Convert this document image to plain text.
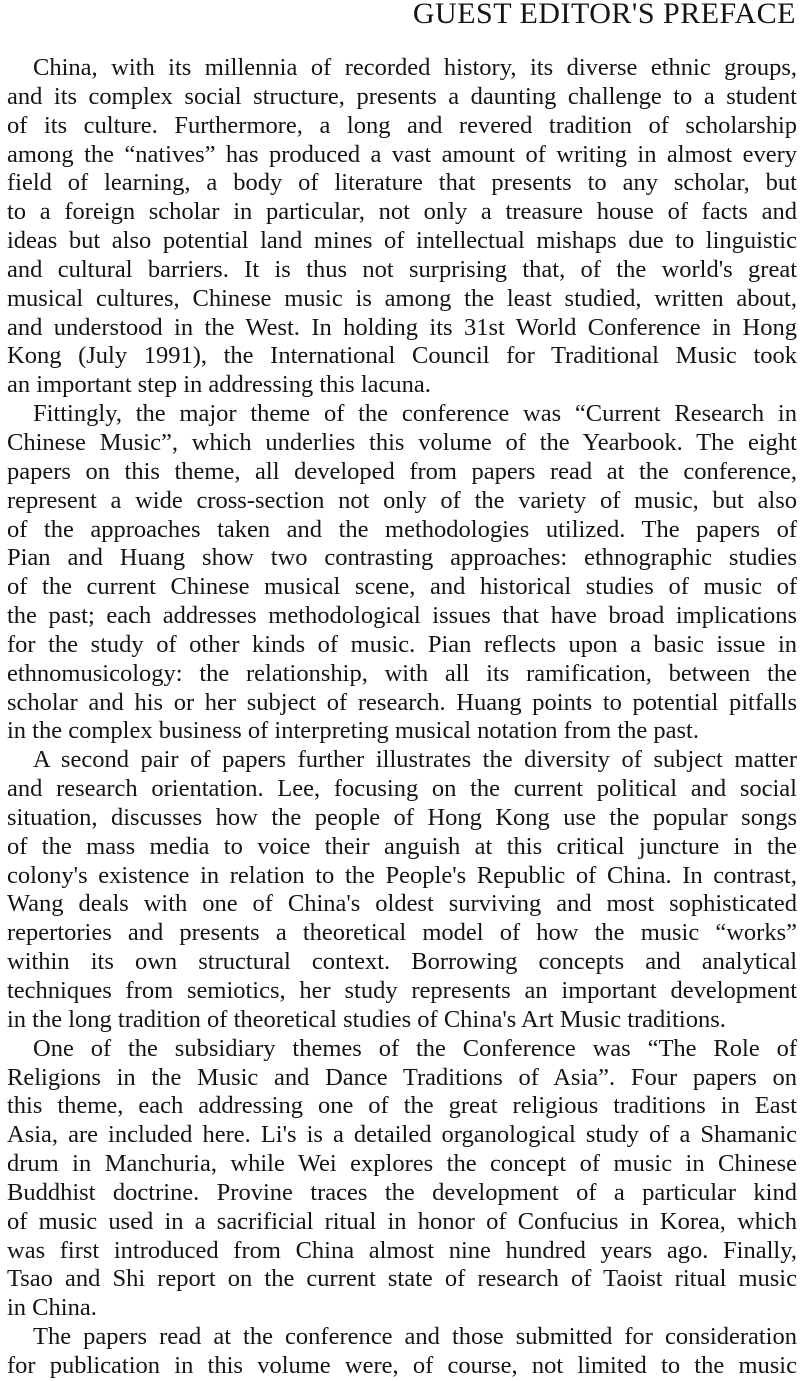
GUEST EDITOR'S PREFACE
China, with its millennia of recorded history, its diverse ethnic groups,
and its complex social structure, presents a daunting challenge to a student
of its culture. Furthermore, a long and revered tradition of scholarship
among the “natives” has produced a vast amount of writing in almost every
field of learning, a body of literature that presents to any scholar, but
to a foreign scholar in particular, not only a treasure house of facts and
ideas but also potential land mines of intellectual mishaps due to linguistic
and cultural barriers. It is thus not surprising that, of the world's great
musical cultures, Chinese music is among the least studied, written about,
and understood in the West. In holding its 31st World Conference in Hong
Kong (July 1991), the International Council for Traditional Music took
an important step in addressing this lacuna.
Fittingly, the major theme of the conference was “Current Research in
Chinese Music”, which underlies this volume of the Yearbook. The eight
papers on this theme, all developed from papers read at the conference,
represent a wide cross-section not only of the variety of music, but also
of the approaches taken and the methodologies utilized. The papers of
Pian and Huang show two contrasting approaches: ethnographic studies
of the current Chinese musical scene, and historical studies of music of
the past; each addresses methodological issues that have broad implications
for the study of other kinds of music. Pian reflects upon a basic issue in
ethnomusicology: the relationship, with all its ramification, between the
scholar and his or her subject of research. Huang points to potential pitfalls
in the complex business of interpreting musical notation from the past.
A second pair of papers further illustrates the diversity of subject matter
and research orientation. Lee, focusing on the current political and social
situation, discusses how the people of Hong Kong use the popular songs
of the mass media to voice their anguish at this critical juncture in the
colony's existence in relation to the People's Republic of China. In contrast,
Wang deals with one of China's oldest surviving and most sophisticated
repertories and presents a theoretical model of how the music “works”
within its own structural context. Borrowing concepts and analytical
techniques from semiotics, her study represents an important development
in the long tradition of theoretical studies of China's Art Music traditions.
One of the subsidiary themes of the Conference was “The Role of
Religions in the Music and Dance Traditions of Asia”. Four papers on
this theme, each addressing one of the great religious traditions in East
Asia, are included here. Li's is a detailed organological study of a Shamanic
drum in Manchuria, while Wei explores the concept of music in Chinese
Buddhist doctrine. Provine traces the development of a particular kind
of music used in a sacrificial ritual in honor of Confucius in Korea, which
was first introduced from China almost nine hundred years ago. Finally,
Tsao and Shi report on the current state of research of Taoist ritual music
in China.
The papers read at the conference and those submitted for consideration
for publication in this volume were, of course, not limited to the music
